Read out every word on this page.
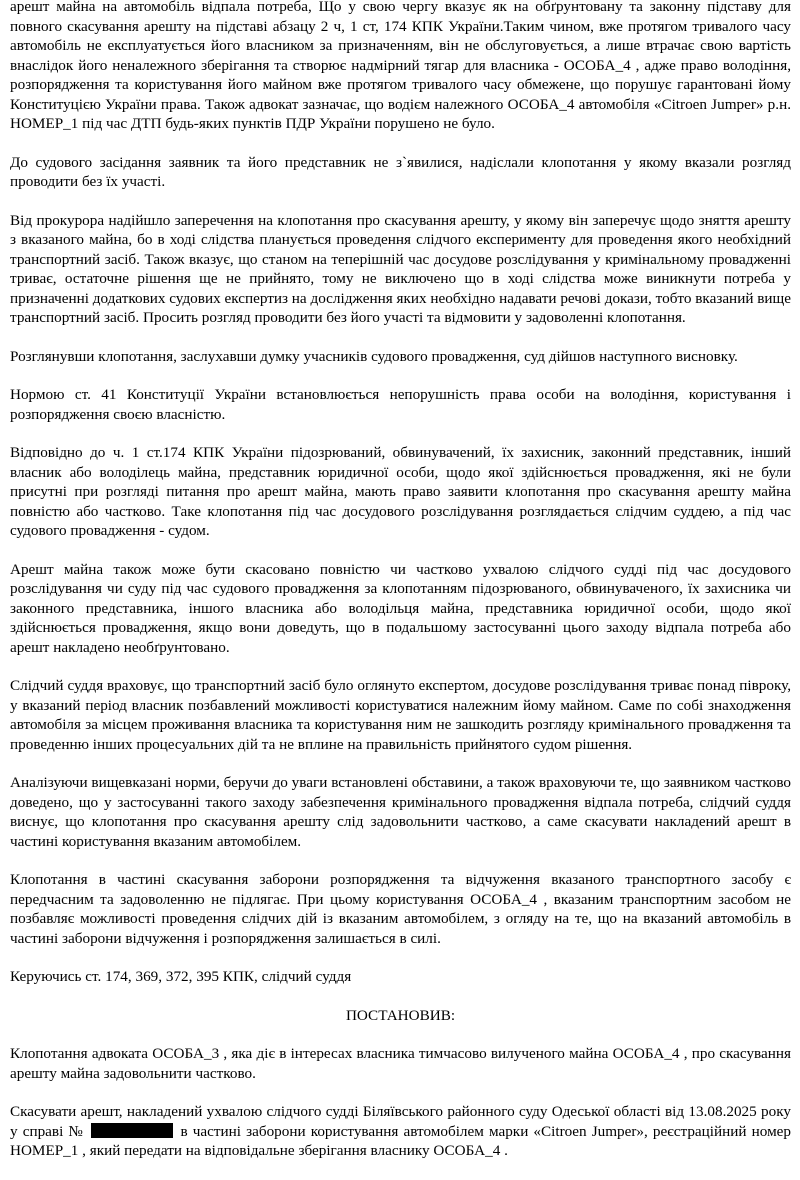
арешт майна на автомобіль відпала потреба, Що у свою чергу вказує як на обґрунтовану та законну підставу для повного скасування арешту на підставі абзацу 2 ч, 1 ст, 174 КПК України.Таким чином, вже протягом тривалого часу автомобіль не експлуатується його власником за призначенням, він не обслуговується, а лише втрачає свою вартість внаслідок його неналежного зберігання та створює надмірний тягар для власника - ОСОБА_4 , адже право володіння, розпорядження та користування його майном вже протягом тривалого часу обмежене, що порушує гарантовані йому Конституцією України права. Також адвокат зазначає, що водієм належного ОСОБА_4 автомобіля «Citroen Jumper» р.н. НОМЕР_1 під час ДТП будь-яких пунктів ПДР України порушено не було.

До судового засідання заявник та його представник не з`явилися, надіслали клопотання у якому вказали розгляд проводити без їх участі.

Від прокурора надійшло заперечення на клопотання про скасування арешту, у якому він заперечує щодо зняття арешту з вказаного майна, бо в ході слідства планується проведення слідчого експерименту для проведення якого необхідний транспортний засіб. Також вказує, що станом на теперішній час досудове розслідування у кримінальному провадженні триває, остаточне рішення ще не прийнято, тому не виключено що в ході слідства може виникнути потреба у призначенні додаткових судових експертиз на дослідження яких необхідно надавати речові докази, тобто вказаний вище транспортний засіб. Просить розгляд проводити без його участі та відмовити у задоволенні клопотання.

Розглянувши клопотання, заслухавши думку учасників судового провадження, суд дійшов наступного висновку.

Нормою ст. 41 Конституції України встановлюється непорушність права особи на володіння, користування і розпорядження своєю власністю.

Відповідно до ч. 1 ст.174 КПК України підозрюваний, обвинувачений, їх захисник, законний представник, інший власник або володілець майна, представник юридичної особи, щодо якої здійснюється провадження, які не були присутні при розгляді питання про арешт майна, мають право заявити клопотання про скасування арешту майна повністю або частково. Таке клопотання під час досудового розслідування розглядається слідчим суддею, а під час судового провадження - судом.

Арешт майна також може бути скасовано повністю чи частково ухвалою слідчого судді під час досудового розслідування чи суду під час судового провадження за клопотанням підозрюваного, обвинуваченого, їх захисника чи законного представника, іншого власника або володільця майна, представника юридичної особи, щодо якої здійснюється провадження, якщо вони доведуть, що в подальшому застосуванні цього заходу відпала потреба або арешт накладено необґрунтовано.

Слідчий суддя враховує, що транспортний засіб було оглянуто експертом, досудове розслідування триває понад півроку, у вказаний період власник позбавлений можливості користуватися належним йому майном. Саме по собі знаходження автомобіля за місцем проживання власника та користування ним не зашкодить розгляду кримінального провадження та проведенню інших процесуальних дій та не вплине на правильність прийнятого судом рішення.

Аналізуючи вищевказані норми, беручи до уваги встановлені обставини, а також враховуючи те, що заявником частково доведено, що у застосуванні такого заходу забезпечення кримінального провадження відпала потреба, слідчий суддя виснує, що клопотання про скасування арешту слід задовольнити частково, а саме скасувати накладений арешт в частині користування вказаним автомобілем.

Клопотання в частині скасування заборони розпорядження та відчуження вказаного транспортного засобу є передчасним та задоволенню не підлягає. При цьому користування ОСОБА_4 , вказаним транспортним засобом не позбавляє можливості проведення слідчих дій із вказаним автомобілем, з огляду на те, що на вказаний автомобіль в частині заборони відчуження і розпорядження залишається в силі.

Керуючись ст. 174, 369, 372, 395 КПК, слідчий суддя

ПОСТАНОВИВ:

Клопотання адвоката ОСОБА_3 , яка діє в інтересах власника тимчасово вилученого майна ОСОБА_4 , про скасування арешту майна задовольнити частково.

Скасувати арешт, накладений ухвалою слідчого судді Біляївського районного суду Одеської області від 13.08.2025 року у справі №	в частині заборони користування автомобілем марки «Citroen Jumper», реєстраційний номер НОМЕР_1 , який передати на відповідальне зберігання власнику ОСОБА_4 .
